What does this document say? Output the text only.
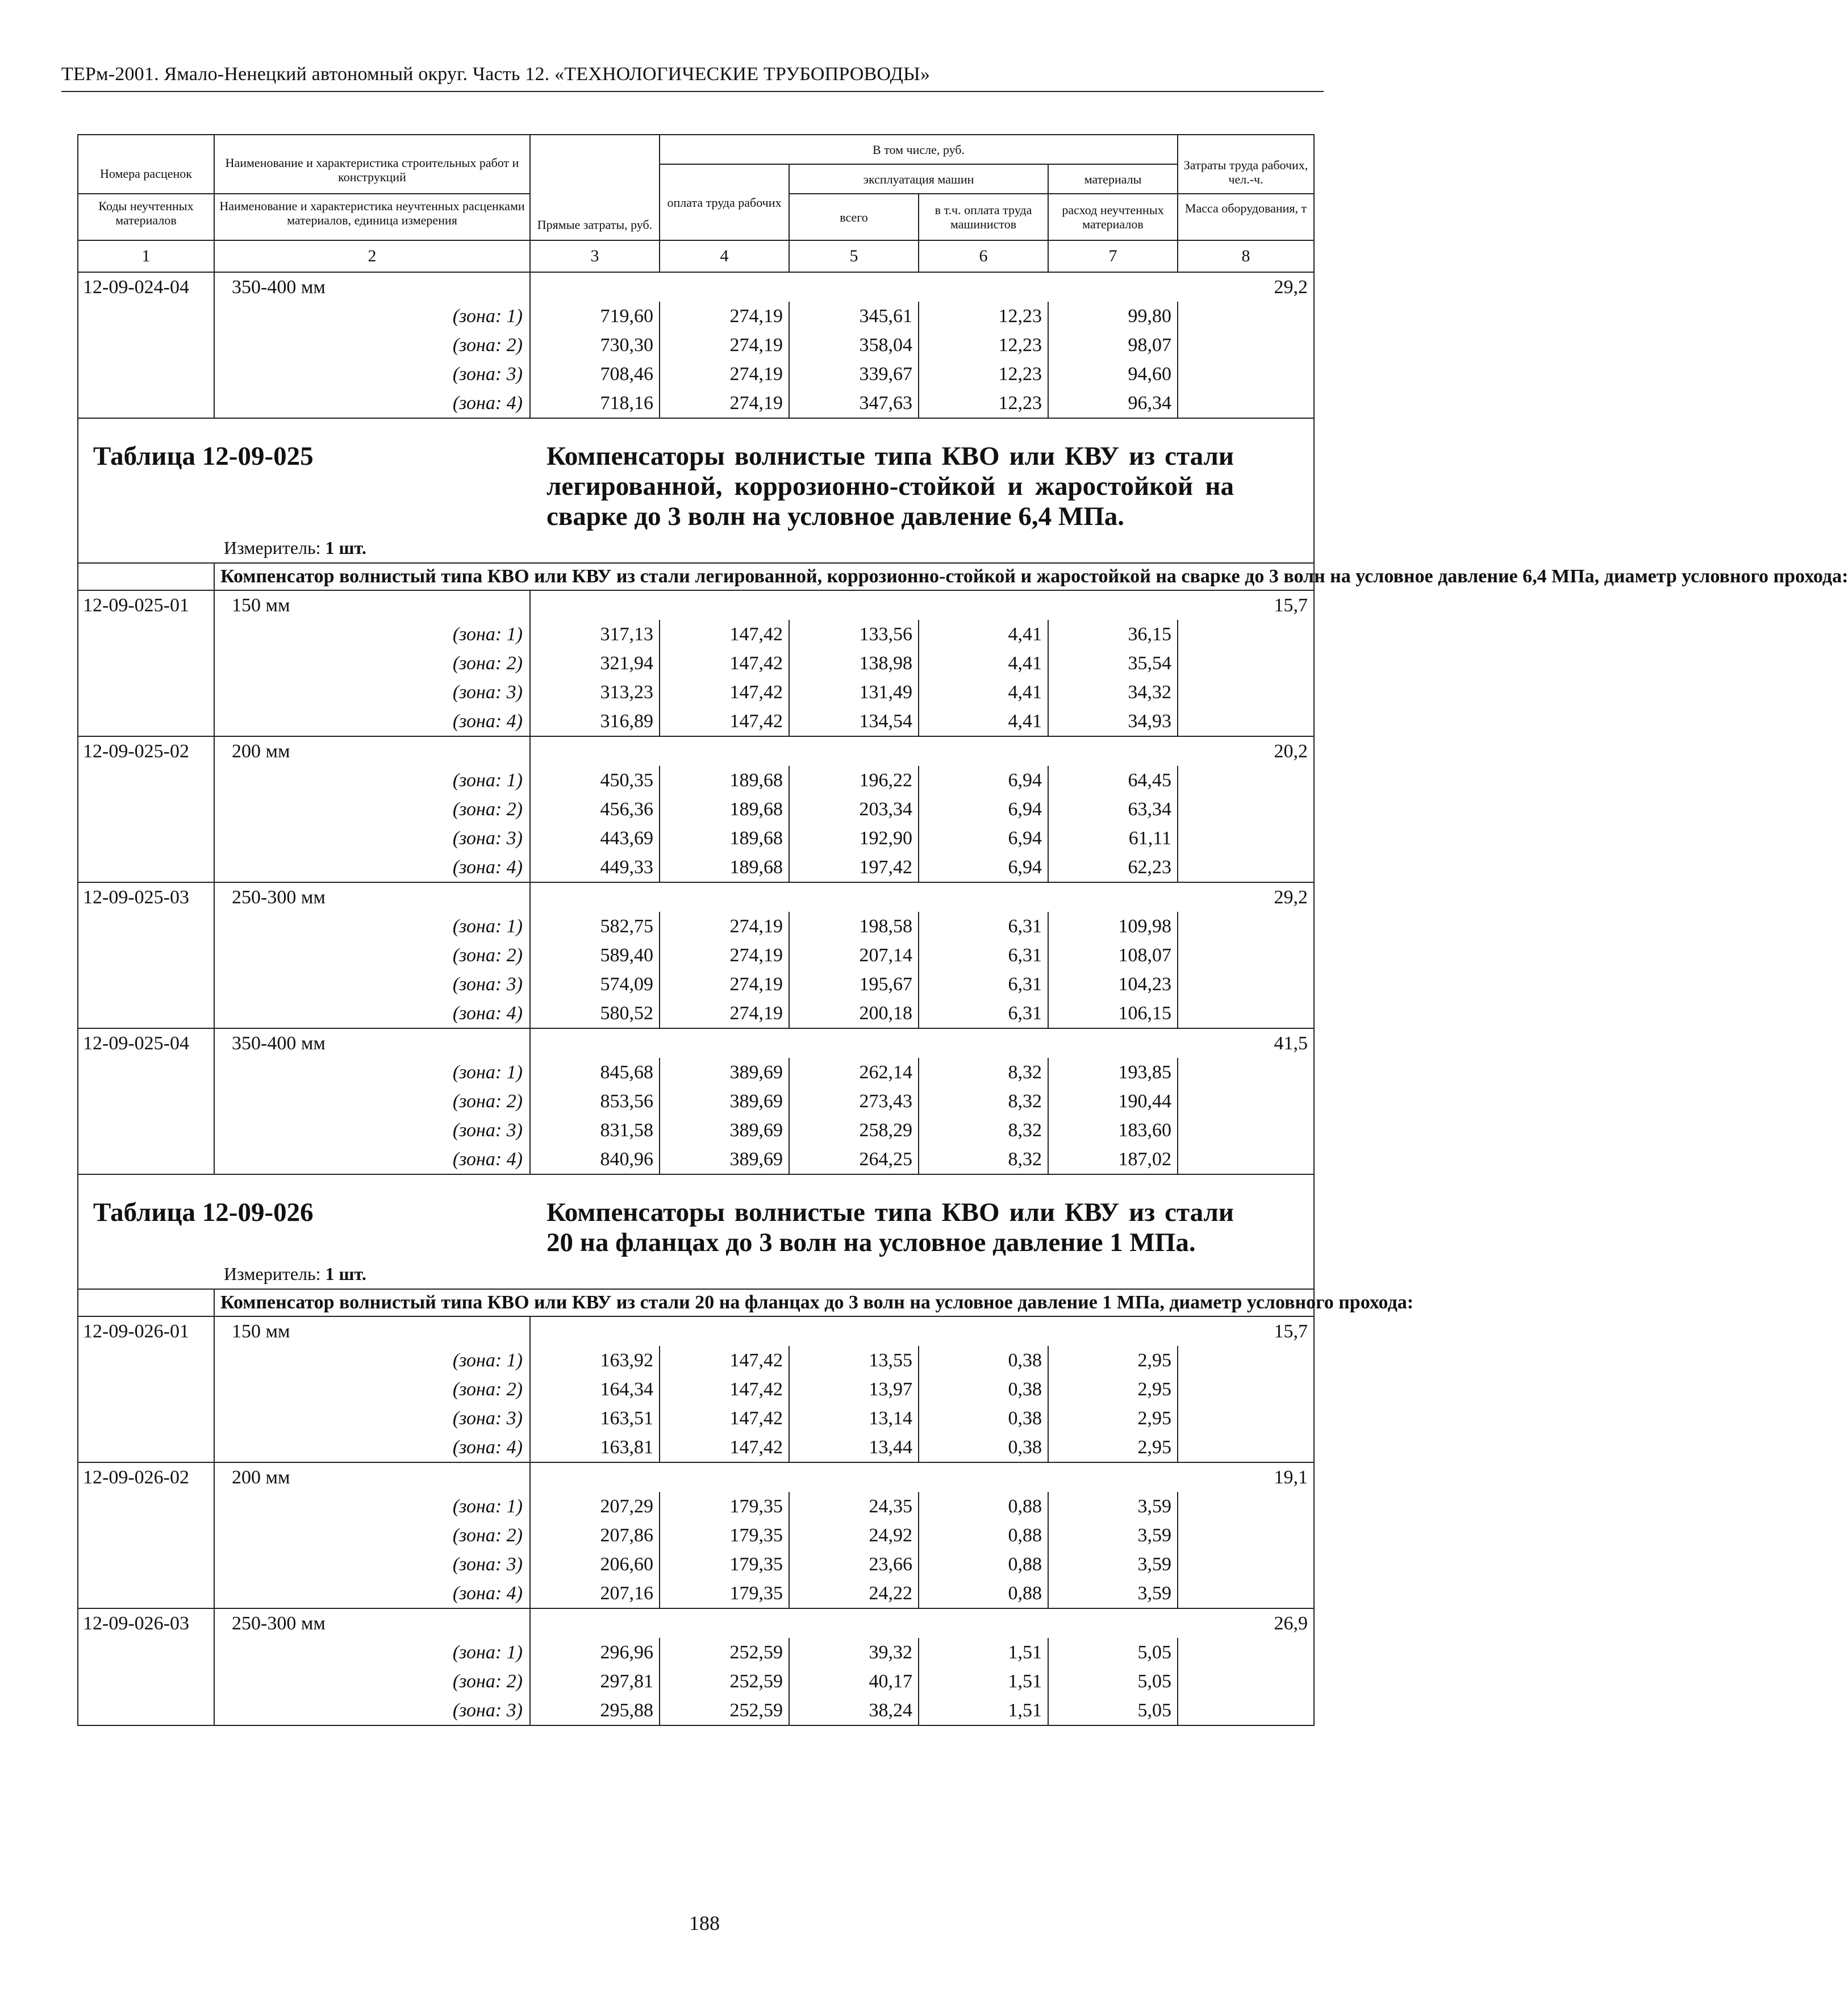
ТЕРм-2001. Ямало-Ненецкий автономный округ. Часть 12. «ТЕХНОЛОГИЧЕСКИЕ ТРУБОПРОВОДЫ»
Номера расценок	Наименование и характеристика строительных работ и конструкций	Прямые затраты, руб.	В том числе, руб.				Затраты труда рабочих, чел.-ч.
			оплата труда рабочих	эксплуатация машин		материалы	

Коды неучтенных материалов	Наименование и характеристика неучтенных расценками материалов, единица измерения			всего	в т.ч. оплата труда машинистов	расход неучтенных материалов	Масса оборудования, т

1	2	3	4	5	6	7	8
12-09-024-04	350-400 мм						29,2
	(зона: 1)	719,60	274,19	345,61	12,23	99,80	
	(зона: 2)	730,30	274,19	358,04	12,23	98,07	
	(зона: 3)	708,46	274,19	339,67	12,23	94,60	
	(зона: 4)	718,16	274,19	347,63	12,23	96,34	

Таблица 12-09-025 Компенсаторы волнистые типа КВО или КВУ из стали легированной, коррозионно-стойкой и жаростойкой на сварке до 3 волн на условное давление 6,4 МПа.
Измеритель: 1 шт.							

	Компенсатор волнистый типа КВО или КВУ из стали легированной, коррозионно-стойкой и жаростойкой на сварке до 3 волн на условное давление 6,4 МПа, диаметр условного прохода:						
12-09-025-01	150 мм						15,7
	(зона: 1)	317,13	147,42	133,56	4,41	36,15	
	(зона: 2)	321,94	147,42	138,98	4,41	35,54	
	(зона: 3)	313,23	147,42	131,49	4,41	34,32	
	(зона: 4)	316,89	147,42	134,54	4,41	34,93	
12-09-025-02	200 мм						20,2
	(зона: 1)	450,35	189,68	196,22	6,94	64,45	
	(зона: 2)	456,36	189,68	203,34	6,94	63,34	
	(зона: 3)	443,69	189,68	192,90	6,94	61,11	
	(зона: 4)	449,33	189,68	197,42	6,94	62,23	
12-09-025-03	250-300 мм						29,2
	(зона: 1)	582,75	274,19	198,58	6,31	109,98	
	(зона: 2)	589,40	274,19	207,14	6,31	108,07	
	(зона: 3)	574,09	274,19	195,67	6,31	104,23	
	(зона: 4)	580,52	274,19	200,18	6,31	106,15	
12-09-025-04	350-400 мм						41,5
	(зона: 1)	845,68	389,69	262,14	8,32	193,85	
	(зона: 2)	853,56	389,69	273,43	8,32	190,44	
	(зона: 3)	831,58	389,69	258,29	8,32	183,60	
	(зона: 4)	840,96	389,69	264,25	8,32	187,02	

Таблица 12-09-026 Компенсаторы волнистые типа КВО или КВУ из стали 20 на фланцах до 3 волн на условное давление 1 МПа.
Измеритель: 1 шт.							

	Компенсатор волнистый типа КВО или КВУ из стали 20 на фланцах до 3 волн на условное давление 1 МПа, диаметр условного прохода:						
12-09-026-01	150 мм						15,7
	(зона: 1)	163,92	147,42	13,55	0,38	2,95	
	(зона: 2)	164,34	147,42	13,97	0,38	2,95	
	(зона: 3)	163,51	147,42	13,14	0,38	2,95	
	(зона: 4)	163,81	147,42	13,44	0,38	2,95	
12-09-026-02	200 мм						19,1
	(зона: 1)	207,29	179,35	24,35	0,88	3,59	
	(зона: 2)	207,86	179,35	24,92	0,88	3,59	
	(зона: 3)	206,60	179,35	23,66	0,88	3,59	
	(зона: 4)	207,16	179,35	24,22	0,88	3,59	
12-09-026-03	250-300 мм						26,9
	(зона: 1)	296,96	252,59	39,32	1,51	5,05	
	(зона: 2)	297,81	252,59	40,17	1,51	5,05	
	(зона: 3)	295,88	252,59	38,24	1,51	5,05	
188
